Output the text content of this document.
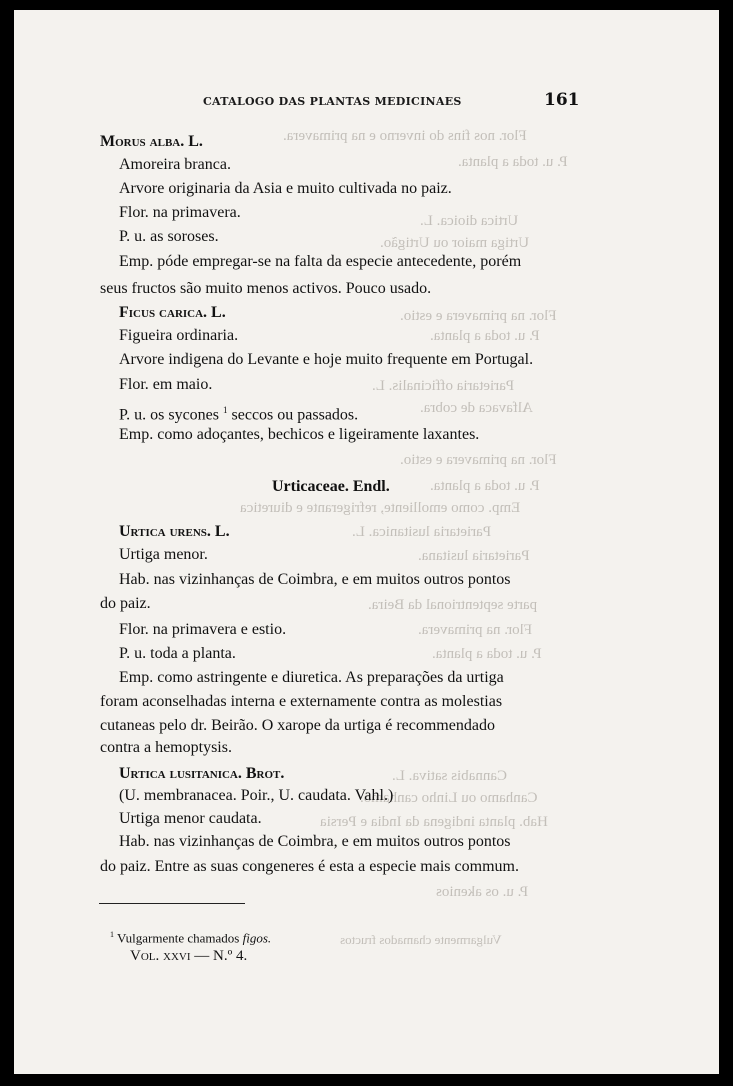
Flor. nos fins do inverno e na primavera.
P. u. toda a planta.
Urtica dioica. L.
Urtiga maior ou Urtigão.
Flor. na primavera e estio.
P. u. toda a planta.
Parietaria officinalis. L.
Alfavaca de cobra.
Flor. na primavera e estio.
P. u. toda a planta.
Emp. como emolliente, refrigerante e diuretica
Parietaria lusitanica. L.
Parietaria lusitana.
parte septentrional da Beira.
Flor. na primavera.
P. u. toda a planta.
Cannabis sativa. L.
Canhamo ou Linho canhamo.
Hab. planta indigena da India e Persia
P. u. os akenios
Vulgarmente chamados fructos
CATALOGO DAS PLANTAS MEDICINAES	161
Morus alba. L.
Amoreira branca.
Arvore originaria da Asia e muito cultivada no paiz.
Flor. na primavera.
P. u. as soroses.
Emp. póde empregar-se na falta da especie antecedente, porém
seus fructos são muito menos activos. Pouco usado.
Ficus carica. L.
Figueira ordinaria.
Arvore indigena do Levante e hoje muito frequente em Portugal.
Flor. em maio.
P. u. os sycones $^1$ seccos ou passados.
Emp. como adoçantes, bechicos e ligeiramente laxantes.
Urticaceae. Endl.
Urtica urens. L.
Urtiga menor.
Hab. nas vizinhanças de Coimbra, e em muitos outros pontos
do paiz.
Flor. na primavera e estio.
P. u. toda a planta.
Emp. como astringente e diuretica. As preparações da urtiga
foram aconselhadas interna e externamente contra as molestias
cutaneas pelo dr. Beirão. O xarope da urtiga é recommendado
contra a hemoptysis.
Urtica lusitanica. Brot.
(U. membranacea. Poir., U. caudata. Vahl.)
Urtiga menor caudata.
Hab. nas vizinhanças de Coimbra, e em muitos outros pontos
do paiz. Entre as suas congeneres é esta a especie mais commum.
$^1$ Vulgarmente chamados figos.
Vol. xxvi — N.º 4.
